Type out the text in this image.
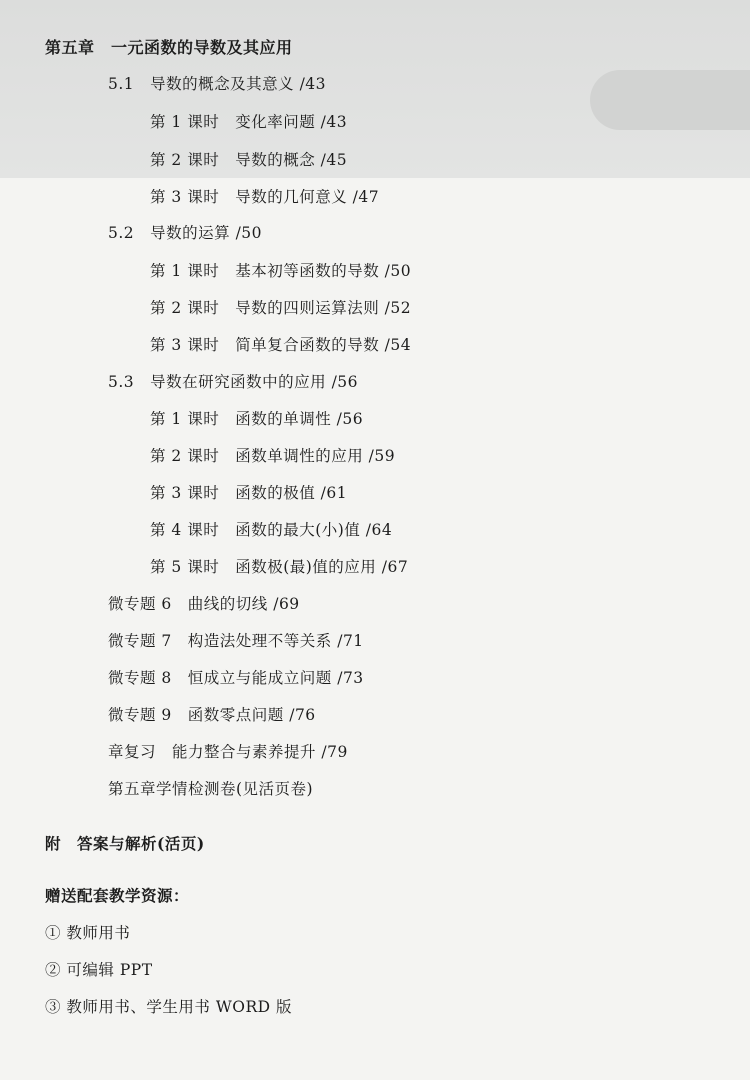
第五章　一元函数的导数及其应用
5.1　导数的概念及其意义 /43
第 1 课时　变化率问题 /43
第 2 课时　导数的概念 /45
第 3 课时　导数的几何意义 /47
5.2　导数的运算 /50
第 1 课时　基本初等函数的导数 /50
第 2 课时　导数的四则运算法则 /52
第 3 课时　简单复合函数的导数 /54
5.3　导数在研究函数中的应用 /56
第 1 课时　函数的单调性 /56
第 2 课时　函数单调性的应用 /59
第 3 课时　函数的极值 /61
第 4 课时　函数的最大(小)值 /64
第 5 课时　函数极(最)值的应用 /67
微专题 6　曲线的切线 /69
微专题 7　构造法处理不等关系 /71
微专题 8　恒成立与能成立问题 /73
微专题 9　函数零点问题 /76
章复习　能力整合与素养提升 /79
第五章学情检测卷(见活页卷)
附　答案与解析(活页)
赠送配套教学资源：
① 教师用书
② 可编辑 PPT
③ 教师用书、学生用书 WORD 版
